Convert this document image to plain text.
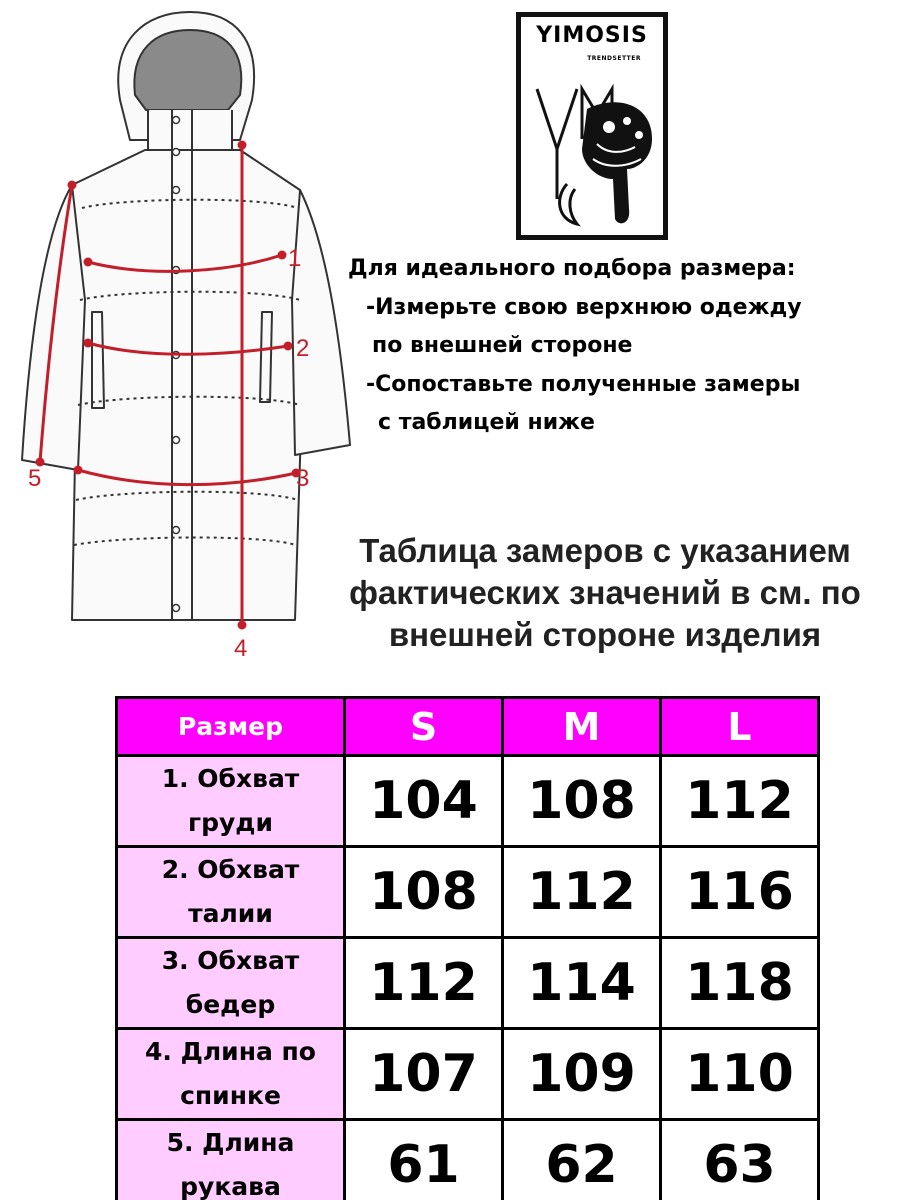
1
2
3
4
5
YIMOSIS
TRENDSETTER
Для идеального подбора размера:
-Измерьте свою верхнюю одежду
по внешней стороне
-Сопоставьте полученные замеры
с таблицей ниже
Таблица замеров с указанием
фактических значений в см. по
внешней стороне изделия
Размер	S	M	L

1. Обхват
груди	104	108	112

2. Обхват
талии	108	112	116

3. Обхват
бедер	112	114	118

4. Длина по
спинке	107	109	110

5. Длина
рукава	61	62	63
